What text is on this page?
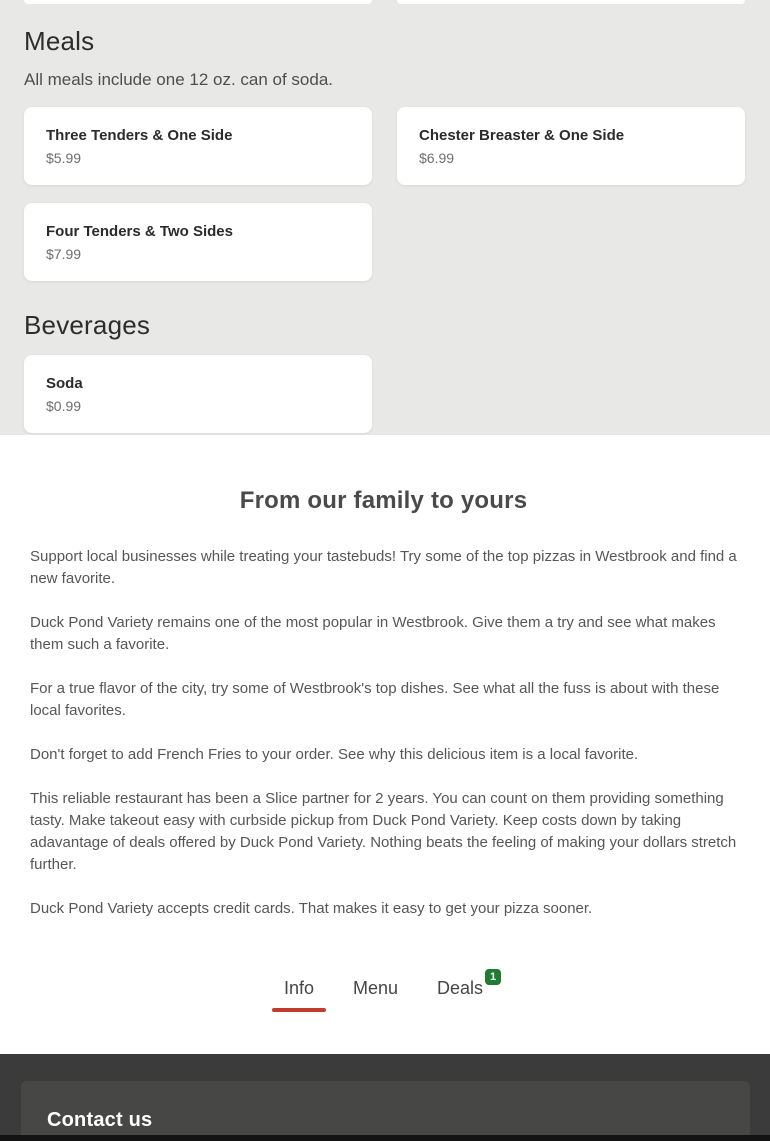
Meals
All meals include one 12 oz. can of soda.
Three Tenders & One Side
$5.99
Chester Breaster & One Side
$6.99
Four Tenders & Two Sides
$7.99
Beverages
Soda
$0.99
From our family to yours

Support local businesses while treating your tastebuds! Try some of the top pizzas in Westbrook and find a new favorite.

Duck Pond Variety remains one of the most popular in Westbrook. Give them a try and see what makes them such a favorite.

For a true flavor of the city, try some of Westbrook's top dishes. See what all the fuss is about with these local favorites.

Don't forget to add French Fries to your order. See why this delicious item is a local favorite.

This reliable restaurant has been a Slice partner for 2 years. You can count on them providing something tasty. Make takeout easy with curbside pickup from Duck Pond Variety. Keep costs down by taking adavantage of deals offered by Duck Pond Variety. Nothing beats the feeling of making your dollars stretch further.

Duck Pond Variety accepts credit cards. That makes it easy to get your pizza sooner.

Info Menu Deals
1
Contact us
